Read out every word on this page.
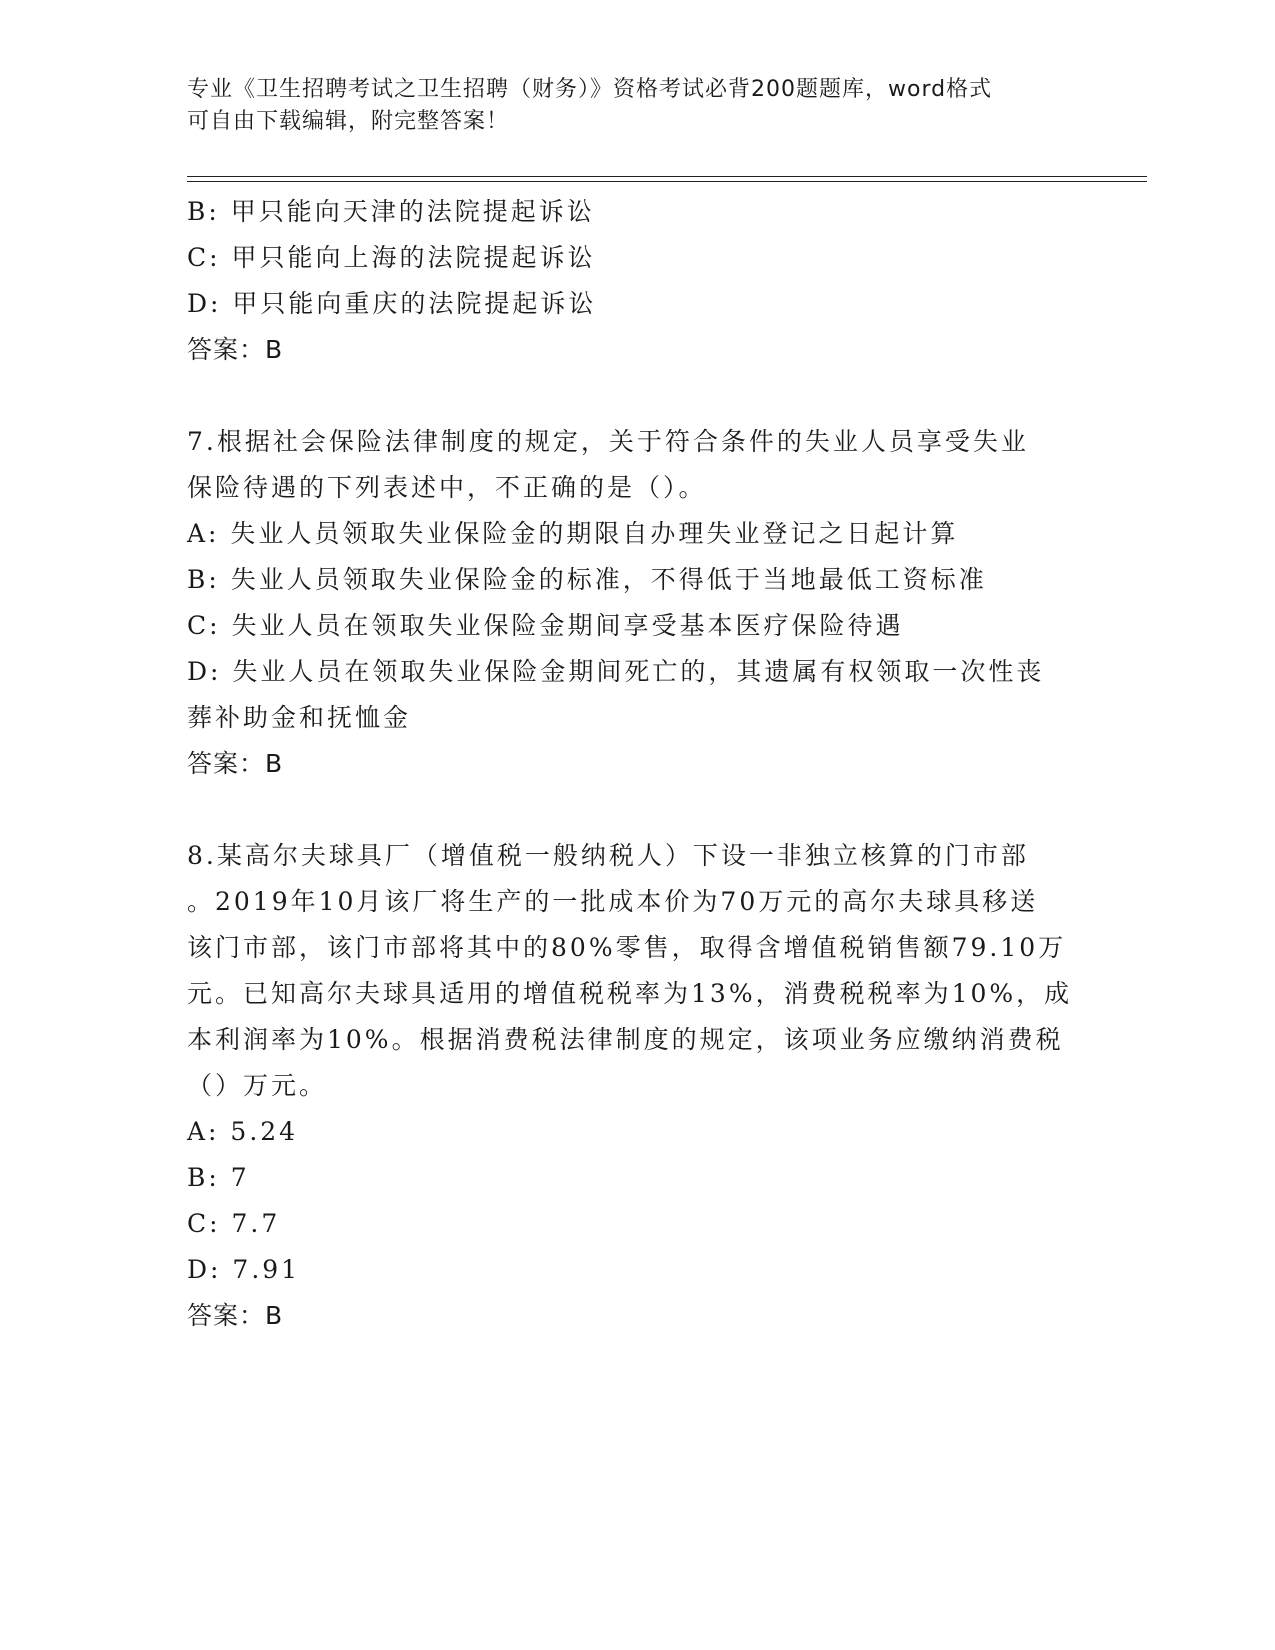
专业《卫生招聘考试之卫生招聘（财务）》资格考试必背200题题库，word格式
可自由下载编辑，附完整答案！
B: 甲只能向天津的法院提起诉讼
C: 甲只能向上海的法院提起诉讼
D: 甲只能向重庆的法院提起诉讼
答案：B
7.根据社会保险法律制度的规定，关于符合条件的失业人员享受失业
保险待遇的下列表述中，不正确的是（）。
A: 失业人员领取失业保险金的期限自办理失业登记之日起计算
B: 失业人员领取失业保险金的标准，不得低于当地最低工资标准
C: 失业人员在领取失业保险金期间享受基本医疗保险待遇
D: 失业人员在领取失业保险金期间死亡的，其遗属有权领取一次性丧
葬补助金和抚恤金
答案：B
8.某高尔夫球具厂（增值税一般纳税人）下设一非独立核算的门市部
。2019年10月该厂将生产的一批成本价为70万元的高尔夫球具移送
该门市部，该门市部将其中的80%零售，取得含增值税销售额79.10万
元。已知高尔夫球具适用的增值税税率为13%，消费税税率为10%，成
本利润率为10%。根据消费税法律制度的规定，该项业务应缴纳消费税
（）万元。
A: 5.24
B: 7
C: 7.7
D: 7.91
答案：B
